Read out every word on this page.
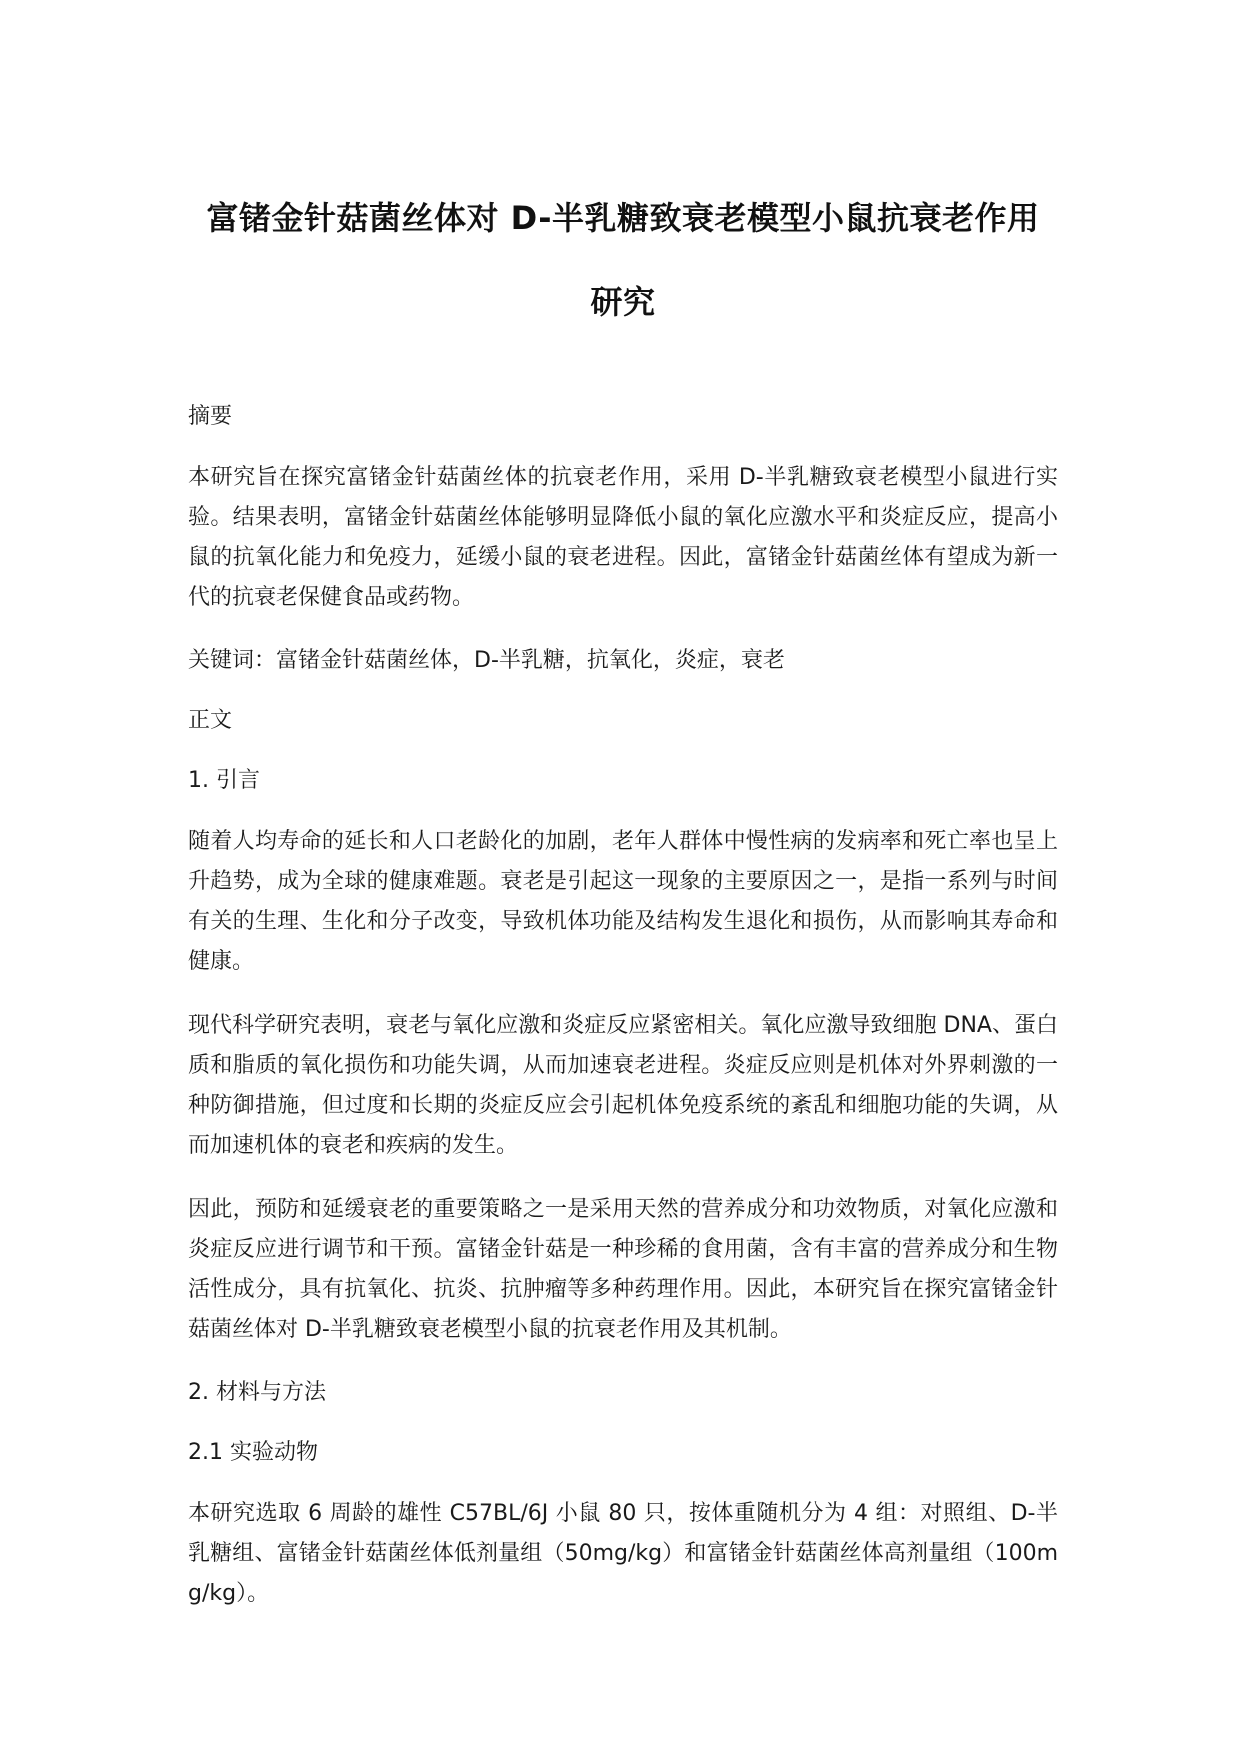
富锗金针菇菌丝体对 D-半乳糖致衰老模型小鼠抗衰老作用
研究

摘要

本研究旨在探究富锗金针菇菌丝体的抗衰老作用，采用 D-半乳糖致衰老模型小鼠进行实验。结果表明，富锗金针菇菌丝体能够明显降低小鼠的氧化应激水平和炎症反应，提高小鼠的抗氧化能力和免疫力，延缓小鼠的衰老进程。因此，富锗金针菇菌丝体有望成为新一代的抗衰老保健食品或药物。

关键词：富锗金针菇菌丝体，D-半乳糖，抗氧化，炎症，衰老

正文

1. 引言

随着人均寿命的延长和人口老龄化的加剧，老年人群体中慢性病的发病率和死亡率也呈上升趋势，成为全球的健康难题。衰老是引起这一现象的主要原因之一，是指一系列与时间有关的生理、生化和分子改变，导致机体功能及结构发生退化和损伤，从而影响其寿命和健康。

现代科学研究表明，衰老与氧化应激和炎症反应紧密相关。氧化应激导致细胞 DNA、蛋白质和脂质的氧化损伤和功能失调，从而加速衰老进程。炎症反应则是机体对外界刺激的一种防御措施，但过度和长期的炎症反应会引起机体免疫系统的紊乱和细胞功能的失调，从而加速机体的衰老和疾病的发生。

因此，预防和延缓衰老的重要策略之一是采用天然的营养成分和功效物质，对氧化应激和炎症反应进行调节和干预。富锗金针菇是一种珍稀的食用菌，含有丰富的营养成分和生物活性成分，具有抗氧化、抗炎、抗肿瘤等多种药理作用。因此，本研究旨在探究富锗金针菇菌丝体对 D-半乳糖致衰老模型小鼠的抗衰老作用及其机制。

2. 材料与方法

2.1 实验动物

本研究选取 6 周龄的雄性 C57BL/6J 小鼠 80 只，按体重随机分为 4 组：对照组、D-半乳糖组、富锗金针菇菌丝体低剂量组（50mg/kg）和富锗金针菇菌丝体高剂量组（100mg/kg）。
